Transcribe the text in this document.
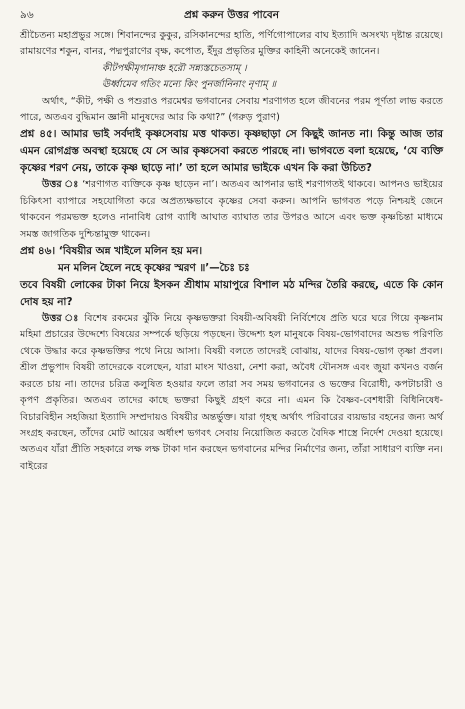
৯৬	প্রশ্ন করুন উত্তর পাবেন

শ্রীচৈতন্য মহাপ্রভুর সঙ্গে। শিবানন্দের কুকুর, রসিকানন্দের হাতি, পর্ণিগোপালের বাঘ ইত্যাদি অসংখ্য দৃষ্টান্ত রয়েছে। রামায়ণের শকুন, বানর, পদ্মপুরাণের বৃক্ষ, কপোত, ইঁদুর প্রভৃতির মুক্তির কাহিনী অনেকেই জানেন।

কীটপক্ষীমৃগানাঞ্চ হরৌ সন্ন্যস্তচেতসাম্ ।

ঊর্ধ্বামেব গতিং মন্যে কিং পুনর্জানিনাং নৃণাম্ ॥

অর্থাৎ, “কীট, পক্ষী ও পশুরাও পরমেশ্বর ভগবানের সেবায় শরণাগত হলে জীবনের পরম পূর্ণতা লাভ করতে পারে, অতএব বুদ্ধিমান জ্ঞানী মানুষদের আর কি কথা?” (গরুড় পুরাণ)

প্রশ্ন ৪৫। আমার ভাই সর্বদাই কৃষ্ণসেবায় মত্ত থাকত। কৃষ্ণছাড়া সে কিছুই জানত না। কিন্তু আজ তার এমন রোগগ্রস্ত অবস্থা হয়েছে যে সে আর কৃষ্ণসেবা করতে পারছে না। ভাগবতে বলা হয়েছে, ‘যে ব্যক্তি কৃষ্ণের শরণ নেয়, তাকে কৃষ্ণ ছাড়ে না।’ তা হলে আমার ভাইকে এখন কি করা উচিত?

উত্তর ঃ ‘শরণাগত ব্যক্তিকে কৃষ্ণ ছাড়েন না’। অতএব আপনার ভাই শরণাগতই থাকবে। আপনও ভাইয়ের চিকিৎসা ব্যাপারে সহযোগিতা করে অপ্রত্যক্ষভাবে কৃষ্ণের সেবা করুন। আপনি ভাগবত পড়ে নিশ্চয়ই জেনে থাকবেন পরমভক্ত হলেও নানাবিধ রোগ ব্যাধি আঘাত ব্যাঘাত তার উপরও আসে এবং ভক্ত কৃষ্ণচিন্তা মাধ্যমে সমস্ত জাগতিক দুশ্চিন্তামুক্ত থাকেন।

প্রশ্ন ৪৬। ‘বিষয়ীর অন্ন খাইলে মলিন হয় মন।

মন মলিন হৈলে নহে কৃষ্ণের স্মরণ ॥’—চৈঃ চঃ

তবে বিষয়ী লোকের টাকা নিয়ে ইসকন শ্রীধাম মায়াপুরে বিশাল মঠ মন্দির তৈরি করছে, এতে কি কোন দোষ হয় না?

উত্তর ঃ বিশেষ রকমের ঝুঁকি নিয়ে কৃষ্ণভক্তরা বিষয়ী-অবিষয়ী নির্বিশেষে প্রতি ঘরে ঘরে গিয়ে কৃষ্ণনাম মহিমা প্রচারের উদ্দেশ্যে বিষয়ের সম্পর্কে ছড়িয়ে পড়ছেন। উদ্দেশ্য হল মানুষকে বিষয়-ভোগবাদের অশুভ পরিণতি থেকে উদ্ধার করে কৃষ্ণভক্তির পথে নিয়ে আসা। বিষয়ী বলতে তাদেরই বোঝায়, যাদের বিষয়-ভোগ তৃষ্ণা প্রবল। শ্রীল প্রভুপাদ বিষয়ী তাদেরকে বলেছেন, যারা মাংস খাওয়া, নেশা করা, অবৈধ যৌনসঙ্গ এবং জুয়া কখনও বর্জন করতে চায় না। তাদের চরিত্র কলুষিত হওয়ার ফলে তারা সব সময় ভগবানের ও ভক্তের বিরোধী, কপটাচারী ও কৃপণ প্রকৃতির। অতএব তাদের কাছে ভক্তরা কিছুই গ্রহণ করে না। এমন কি বৈষ্ণব-বেশধারী বিধিনিষেধ-বিচারবিহীন সহজিয়া ইত্যাদি সম্প্রদায়ও বিষয়ীর অন্তর্ভুক্ত। যারা গৃহস্থ অর্থাৎ পরিবারের ব্যয়ভার বহনের জন্য অর্থ সংগ্রহ করছেন, তাঁদের মোট আয়ের অর্ধাংশ ভগবৎ সেবায় নিয়োজিত করতে বৈদিক শাস্ত্রে নির্দেশ দেওয়া হয়েছে। অতএব যাঁরা প্রীতি সহকারে লক্ষ লক্ষ টাকা দান করছেন ভগবানের মন্দির নির্মাণের জন্য, তাঁরা সাধারণ ব্যক্তি নন। বাইরের
